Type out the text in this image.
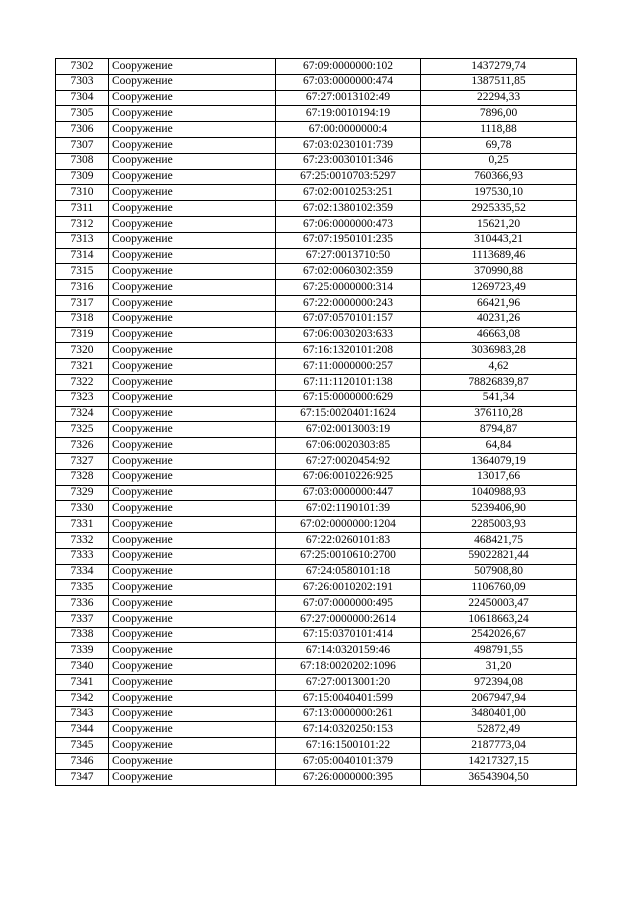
7302	Сооружение	67:09:0000000:102	1437279,74
7303	Сооружение	67:03:0000000:474	1387511,85
7304	Сооружение	67:27:0013102:49	22294,33
7305	Сооружение	67:19:0010194:19	7896,00
7306	Сооружение	67:00:0000000:4	1118,88
7307	Сооружение	67:03:0230101:739	69,78
7308	Сооружение	67:23:0030101:346	0,25
7309	Сооружение	67:25:0010703:5297	760366,93
7310	Сооружение	67:02:0010253:251	197530,10
7311	Сооружение	67:02:1380102:359	2925335,52
7312	Сооружение	67:06:0000000:473	15621,20
7313	Сооружение	67:07:1950101:235	310443,21
7314	Сооружение	67:27:0013710:50	1113689,46
7315	Сооружение	67:02:0060302:359	370990,88
7316	Сооружение	67:25:0000000:314	1269723,49
7317	Сооружение	67:22:0000000:243	66421,96
7318	Сооружение	67:07:0570101:157	40231,26
7319	Сооружение	67:06:0030203:633	46663,08
7320	Сооружение	67:16:1320101:208	3036983,28
7321	Сооружение	67:11:0000000:257	4,62
7322	Сооружение	67:11:1120101:138	78826839,87
7323	Сооружение	67:15:0000000:629	541,34
7324	Сооружение	67:15:0020401:1624	376110,28
7325	Сооружение	67:02:0013003:19	8794,87
7326	Сооружение	67:06:0020303:85	64,84
7327	Сооружение	67:27:0020454:92	1364079,19
7328	Сооружение	67:06:0010226:925	13017,66
7329	Сооружение	67:03:0000000:447	1040988,93
7330	Сооружение	67:02:1190101:39	5239406,90
7331	Сооружение	67:02:0000000:1204	2285003,93
7332	Сооружение	67:22:0260101:83	468421,75
7333	Сооружение	67:25:0010610:2700	59022821,44
7334	Сооружение	67:24:0580101:18	507908,80
7335	Сооружение	67:26:0010202:191	1106760,09
7336	Сооружение	67:07:0000000:495	22450003,47
7337	Сооружение	67:27:0000000:2614	10618663,24
7338	Сооружение	67:15:0370101:414	2542026,67
7339	Сооружение	67:14:0320159:46	498791,55
7340	Сооружение	67:18:0020202:1096	31,20
7341	Сооружение	67:27:0013001:20	972394,08
7342	Сооружение	67:15:0040401:599	2067947,94
7343	Сооружение	67:13:0000000:261	3480401,00
7344	Сооружение	67:14:0320250:153	52872,49
7345	Сооружение	67:16:1500101:22	2187773,04
7346	Сооружение	67:05:0040101:379	14217327,15
7347	Сооружение	67:26:0000000:395	36543904,50
